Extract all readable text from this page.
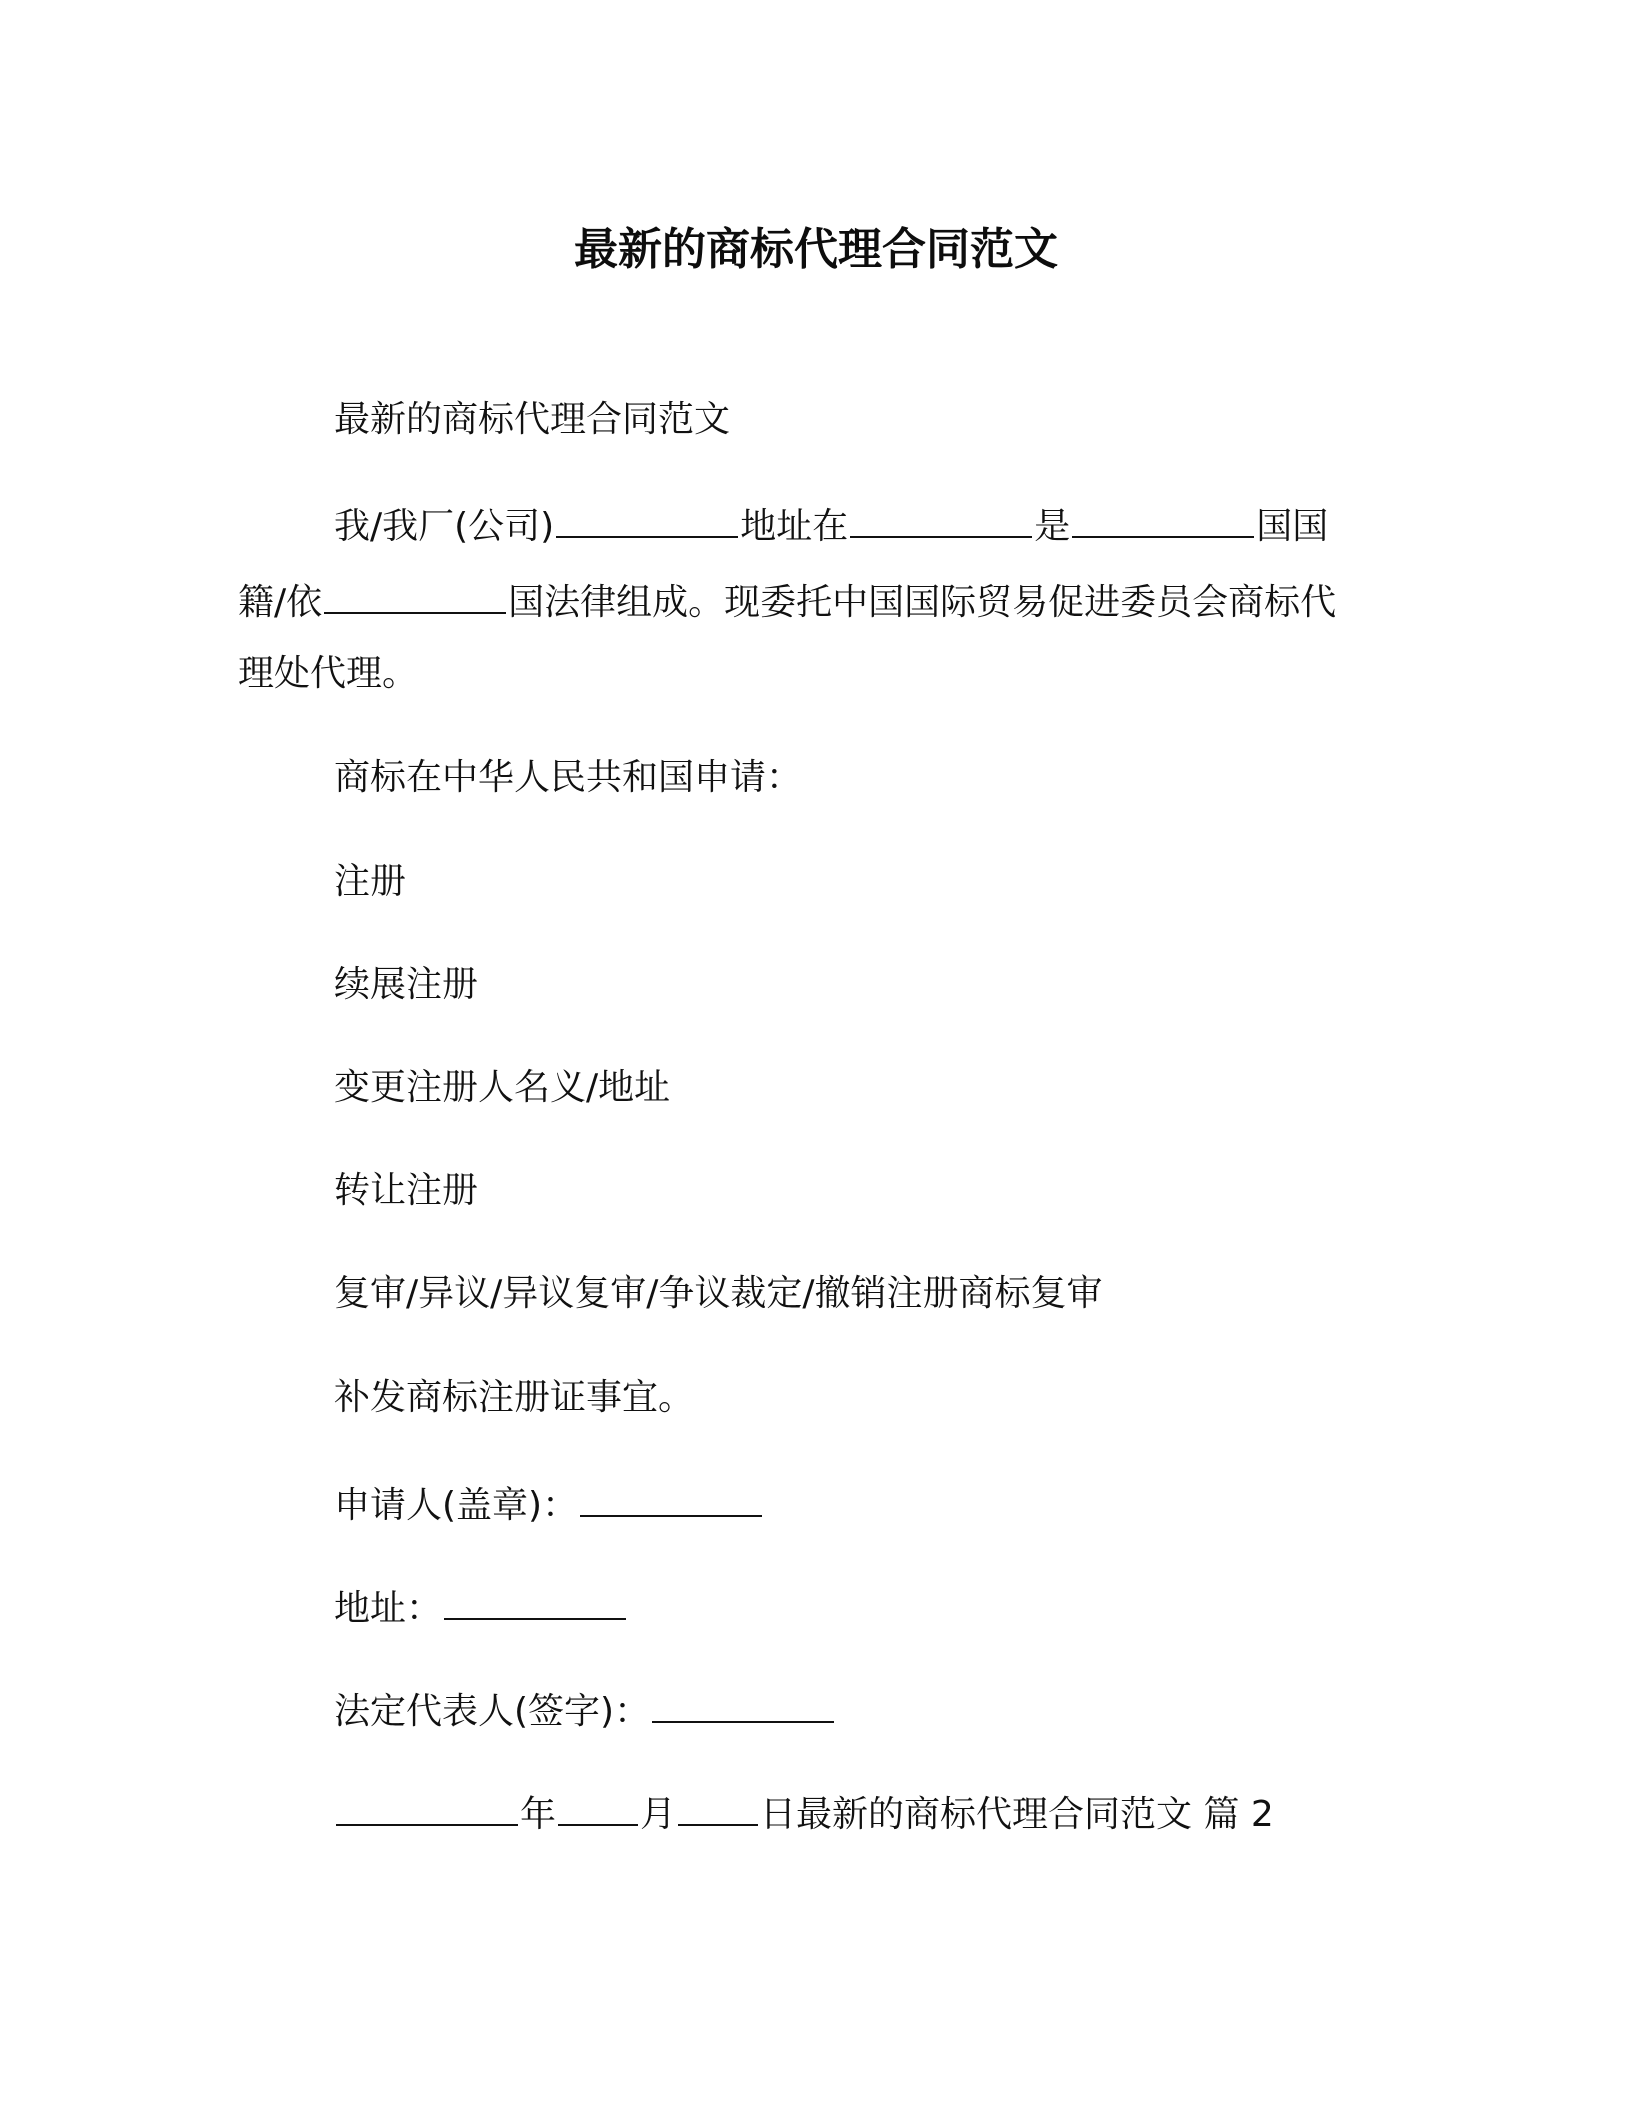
最新的商标代理合同范文
最新的商标代理合同范文
我/我厂(公司)	地址在	是	国国
籍/依	国法律组成。现委托中国国际贸易促进委员会商标代
理处代理。
商标在中华人民共和国申请：
注册
续展注册
变更注册人名义/地址
转让注册
复审/异议/异议复审/争议裁定/撤销注册商标复审
补发商标注册证事宜。
申请人(盖章)：
地址：
法定代表人(签字)：
年 月 日最新的商标代理合同范文 篇 2
